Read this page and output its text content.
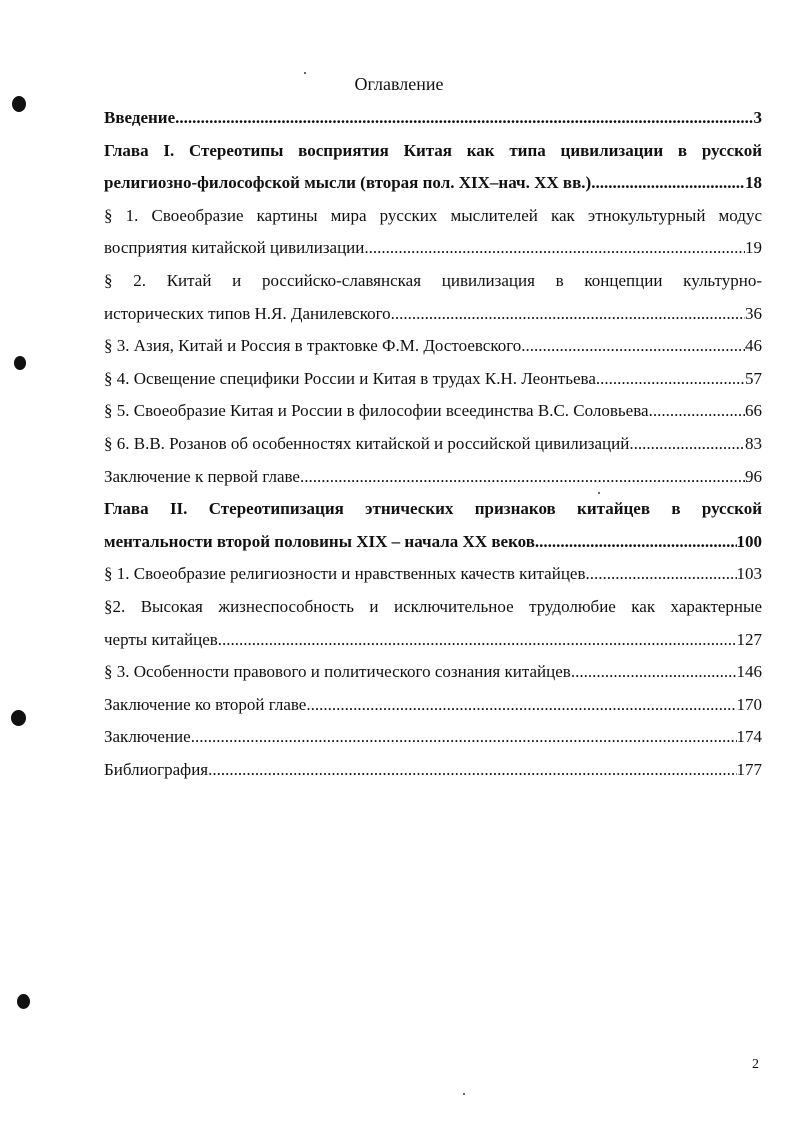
Оглавление
Введение .....	3
Глава I. Стереотипы восприятия Китая как типа цивилизации в русской
религиозно-философской мысли (вторая пол. XIX–нач. XX вв.) .....	18
§ 1. Своеобразие картины мира русских мыслителей как этнокультурный модус
восприятия китайской цивилизации .....	19
§ 2. Китай и российско-славянская цивилизация в концепции культурно-
исторических типов Н.Я. Данилевского .....	36
§ 3. Азия, Китай и Россия в трактовке Ф.М. Достоевского .....	46
§ 4. Освещение специфики России и Китая в трудах К.Н. Леонтьева .....	57
§ 5. Своеобразие Китая и России в философии всеединства В.С. Соловьева .....	66
§ 6. В.В. Розанов об особенностях китайской и российской цивилизаций .....	83
Заключение к первой главе .....	96
Глава II. Стереотипизация этнических признаков китайцев в русской
ментальности второй половины XIX – начала XX веков .....	100
§ 1. Своеобразие религиозности и нравственных качеств китайцев .....	103
§2. Высокая жизнеспособность и исключительное трудолюбие как характерные
черты китайцев .....	127
§ 3. Особенности правового и политического сознания китайцев .....	146
Заключение ко второй главе .....	170
Заключение .....	174
Библиография .....	177
2
